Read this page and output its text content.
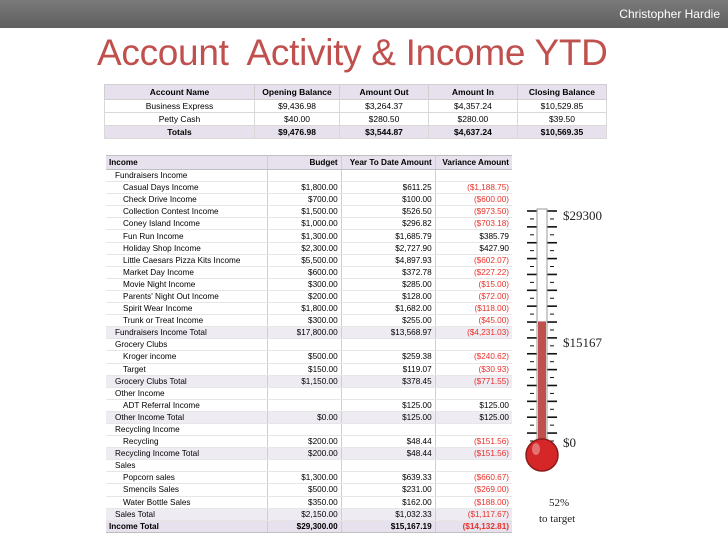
Christopher Hardie
Account  Activity & Income YTD
Account Name	Opening Balance	Amount Out	Amount In	Closing Balance
Business Express	$9,436.98	$3,264.37	$4,357.24	$10,529.85
Petty Cash	$40.00	$280.50	$280.00	$39.50
Totals	$9,476.98	$3,544.87	$4,637.24	$10,569.35
Income	Budget	Year To Date Amount	Variance Amount
Fundraisers Income			
Casual Days Income	$1,800.00	$611.25	($1,188.75)
Check Drive Income	$700.00	$100.00	($600.00)
Collection Contest Income	$1,500.00	$526.50	($973.50)
Coney Island Income	$1,000.00	$296.82	($703.18)
Fun Run Income	$1,300.00	$1,685.79	$385.79
Holiday Shop Income	$2,300.00	$2,727.90	$427.90
Little Caesars Pizza Kits Income	$5,500.00	$4,897.93	($602.07)
Market Day Income	$600.00	$372.78	($227.22)
Movie Night Income	$300.00	$285.00	($15.00)
Parents' Night Out Income	$200.00	$128.00	($72.00)
Spirit Wear Income	$1,800.00	$1,682.00	($118.00)
Trunk or Treat Income	$300.00	$255.00	($45.00)
Fundraisers Income Total	$17,800.00	$13,568.97	($4,231.03)
Grocery Clubs			
Kroger income	$500.00	$259.38	($240.62)
Target	$150.00	$119.07	($30.93)
Grocery Clubs Total	$1,150.00	$378.45	($771.55)
Other Income			
ADT Referral Income		$125.00	$125.00
Other Income Total	$0.00	$125.00	$125.00
Recycling Income			
Recycling	$200.00	$48.44	($151.56)
Recycling Income Total	$200.00	$48.44	($151.56)
Sales			
Popcorn sales	$1,300.00	$639.33	($660.67)
Smencils Sales	$500.00	$231.00	($269.00)
Water Bottle Sales	$350.00	$162.00	($188.00)
Sales Total	$2,150.00	$1,032.33	($1,117.67)
Income Total	$29,300.00	$15,167.19	($14,132.81)
$29300
$15167
$0
52%
to target
